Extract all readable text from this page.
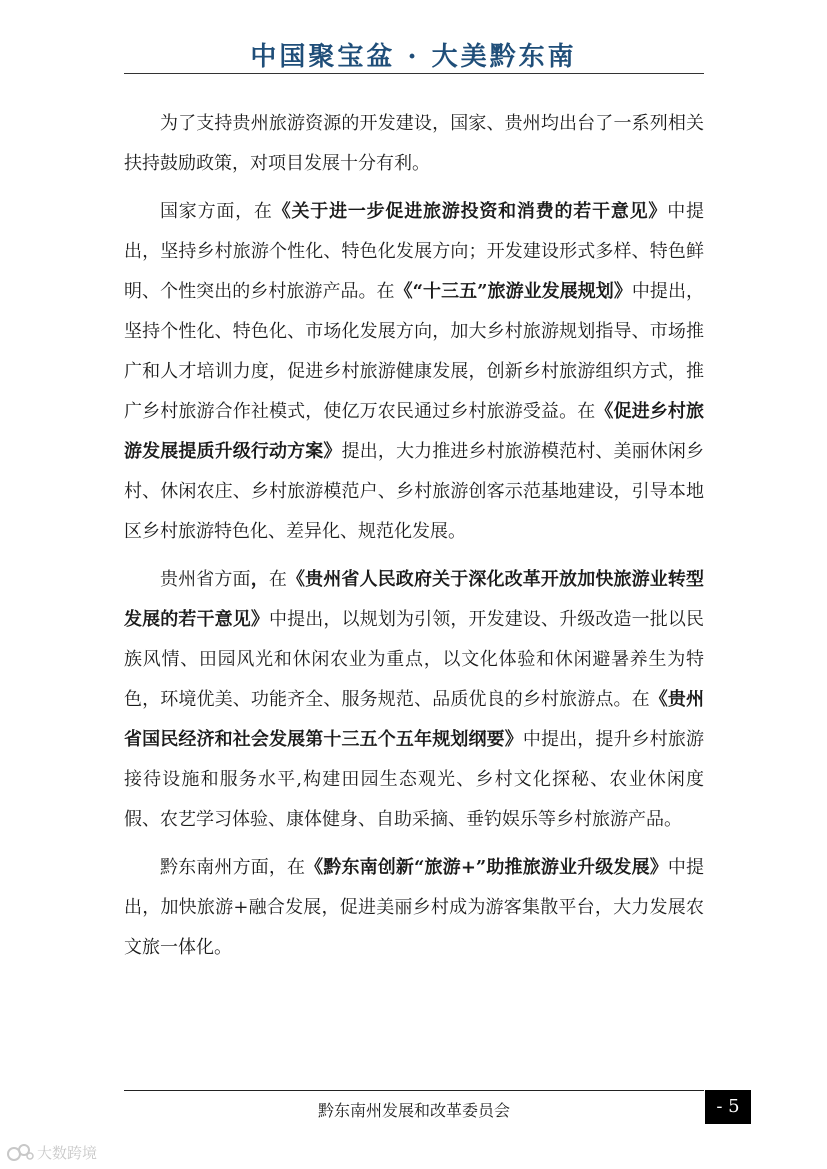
中国聚宝盆 · 大美黔东南

为了支持贵州旅游资源的开发建设，国家、贵州均出台了一系列相关扶持鼓励政策，对项目发展十分有利。

国家方面，在《关于进一步促进旅游投资和消费的若干意见》中提出，坚持乡村旅游个性化、特色化发展方向；开发建设形式多样、特色鲜明、个性突出的乡村旅游产品。在《“十三五”旅游业发展规划》中提出，坚持个性化、特色化、市场化发展方向，加大乡村旅游规划指导、市场推广和人才培训力度，促进乡村旅游健康发展，创新乡村旅游组织方式，推广乡村旅游合作社模式，使亿万农民通过乡村旅游受益。在《促进乡村旅游发展提质升级行动方案》提出，大力推进乡村旅游模范村、美丽休闲乡村、休闲农庄、乡村旅游模范户、乡村旅游创客示范基地建设，引导本地区乡村旅游特色化、差异化、规范化发展。

贵州省方面，在《贵州省人民政府关于深化改革开放加快旅游业转型发展的若干意见》中提出，以规划为引领，开发建设、升级改造一批以民族风情、田园风光和休闲农业为重点，以文化体验和休闲避暑养生为特色，环境优美、功能齐全、服务规范、品质优良的乡村旅游点。在《贵州省国民经济和社会发展第十三五个五年规划纲要》中提出，提升乡村旅游接待设施和服务水平,构建田园生态观光、乡村文化探秘、农业休闲度假、农艺学习体验、康体健身、自助采摘、垂钓娱乐等乡村旅游产品。

黔东南州方面，在《黔东南创新“旅游+”助推旅游业升级发展》中提出，加快旅游+融合发展，促进美丽乡村成为游客集散平台，大力发展农文旅一体化。

黔东南州发展和改革委员会	- 5
大数跨境
